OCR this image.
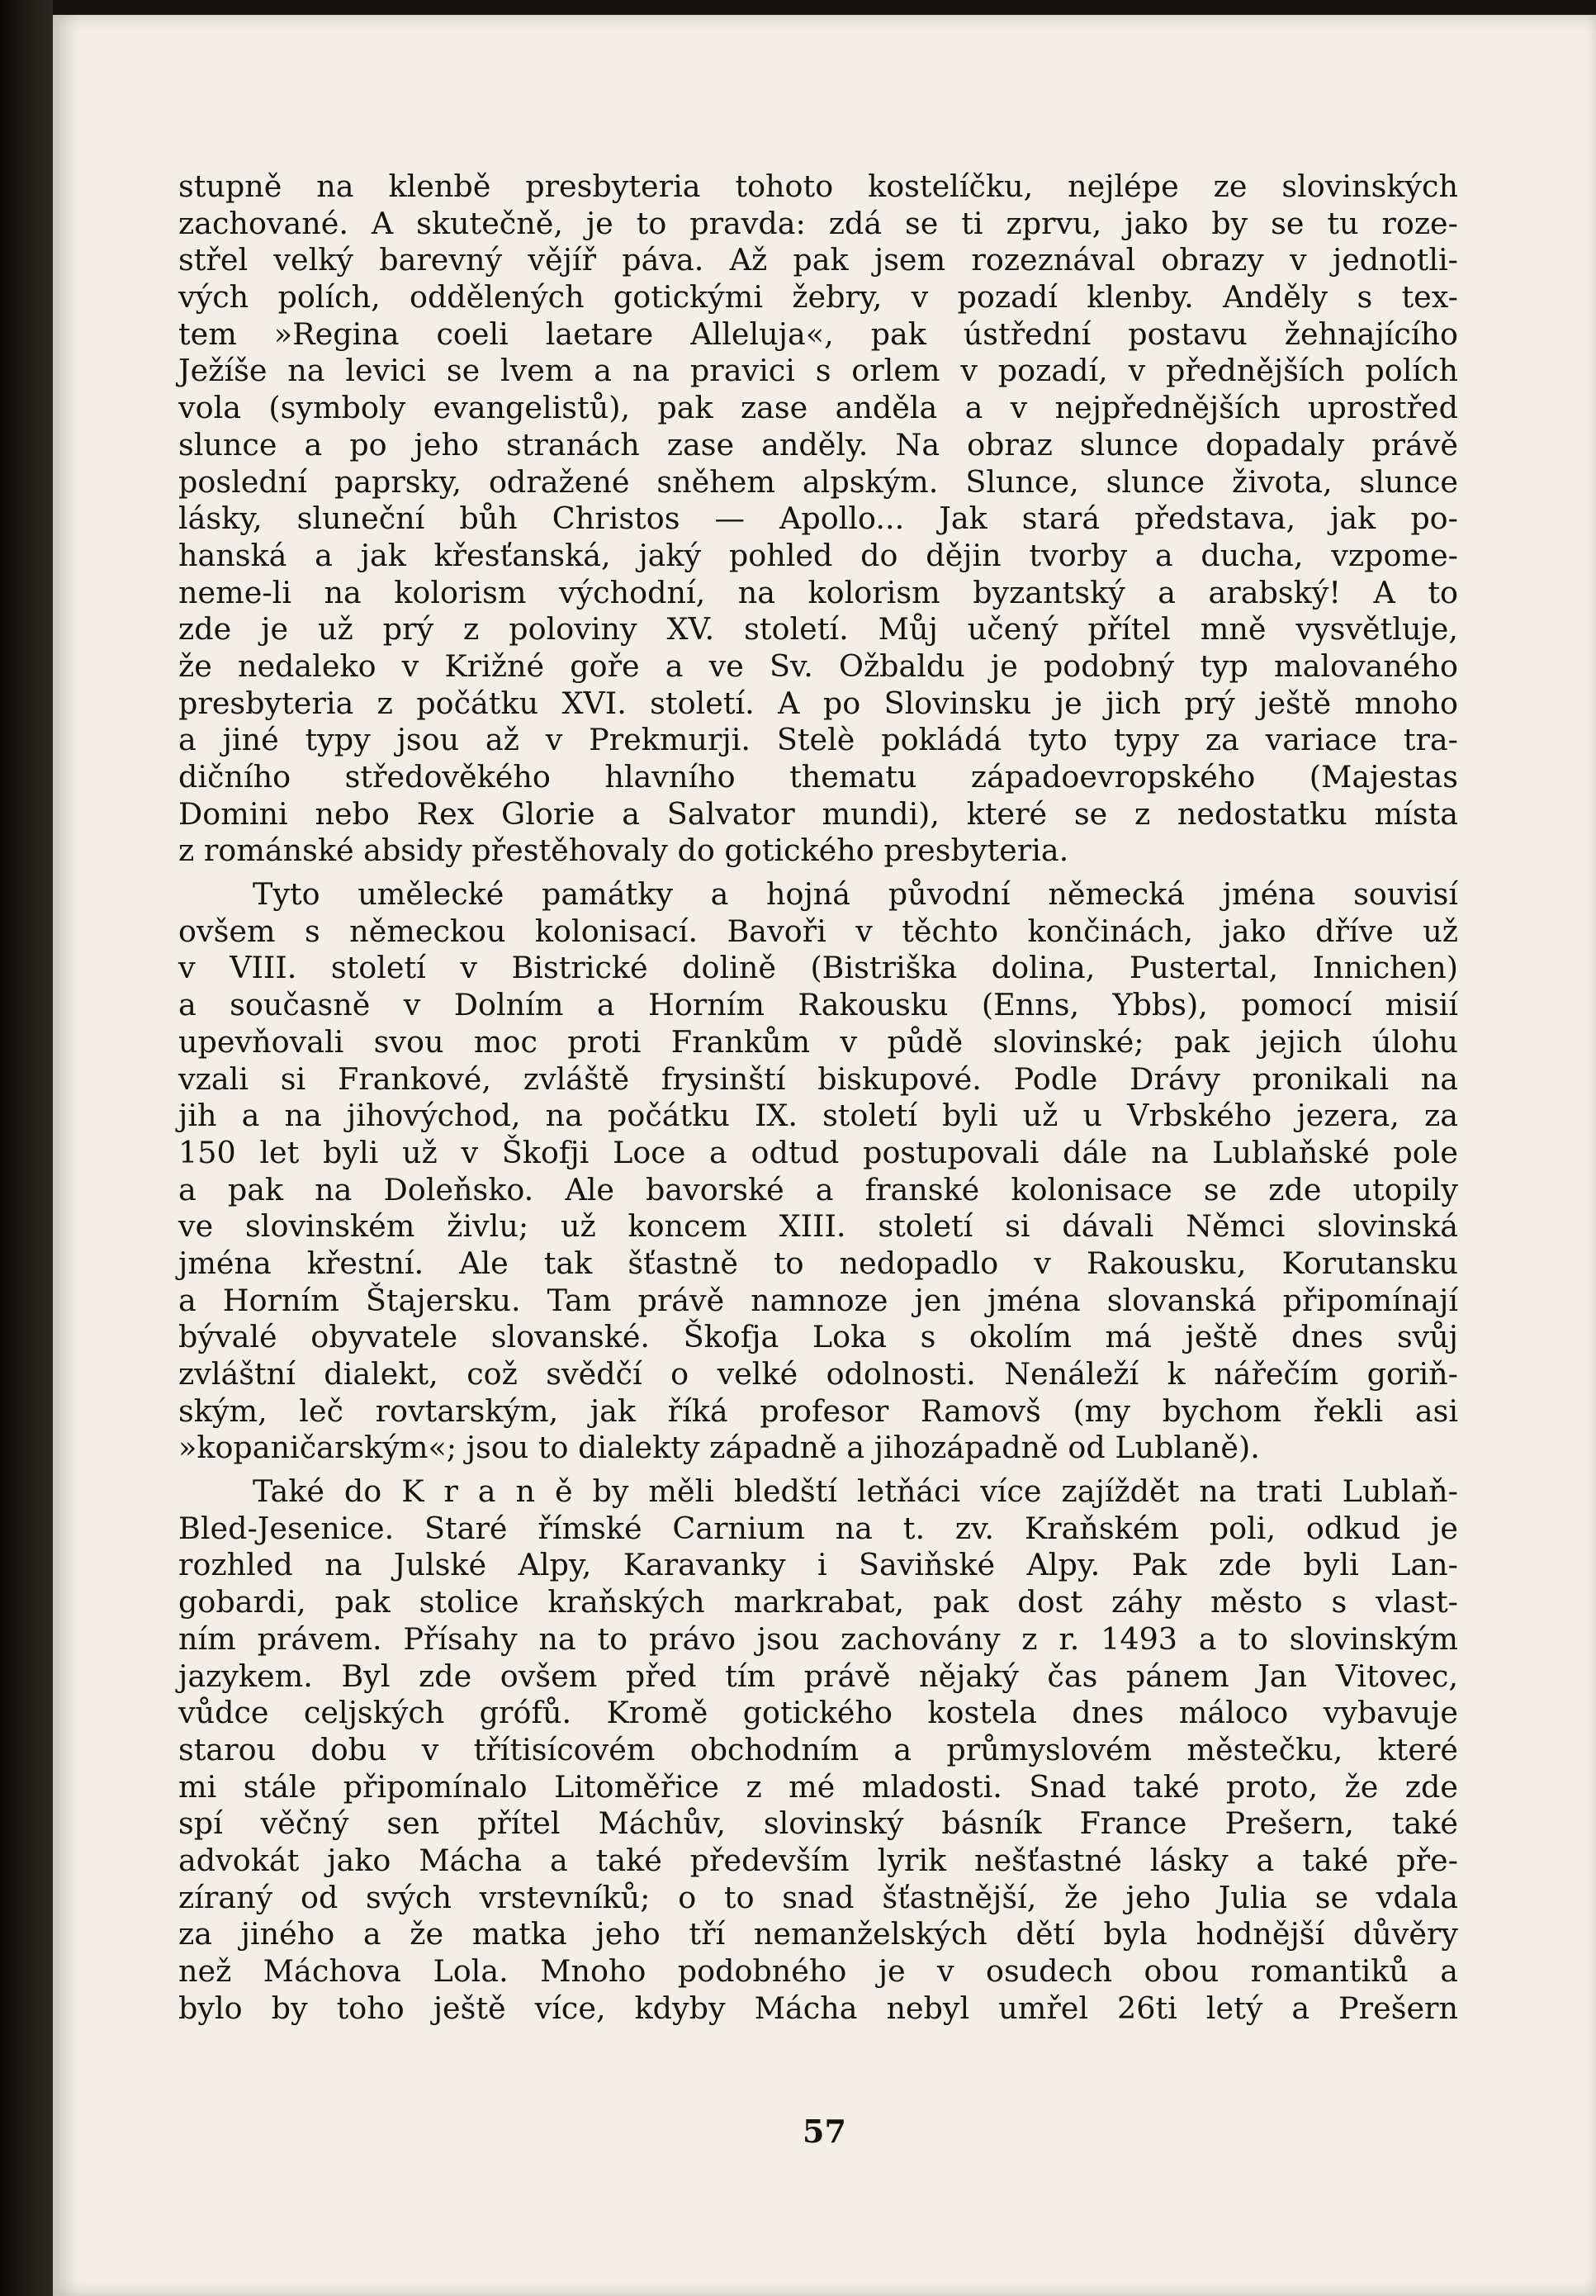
stupně na klenbě presbyteria tohoto kostelíčku, nejlépe ze slovinských
zachované. A skutečně, je to pravda: zdá se ti zprvu, jako by se tu roze-
střel velký barevný vějíř páva. Až pak jsem rozeznával obrazy v jednotli-
vých polích, oddělených gotickými žebry, v pozadí klenby. Anděly s tex-
tem »Regina coeli laetare Alleluja«, pak ústřední postavu žehnajícího
Ježíše na levici se lvem a na pravici s orlem v pozadí, v přednějších polích
vola (symboly evangelistů), pak zase anděla a v nejpřednějších uprostřed
slunce a po jeho stranách zase anděly. Na obraz slunce dopadaly právě
poslední paprsky, odražené sněhem alpským. Slunce, slunce života, slunce
lásky, sluneční bůh Christos — Apollo... Jak stará představa, jak po-
hanská a jak křesťanská, jaký pohled do dějin tvorby a ducha, vzpome-
neme-li na kolorism východní, na kolorism byzantský a arabský! A to
zde je už prý z poloviny XV. století. Můj učený přítel mně vysvětluje,
že nedaleko v Križné goře a ve Sv. Ožbaldu je podobný typ malovaného
presbyteria z počátku XVI. století. A po Slovinsku je jich prý ještě mnoho
a jiné typy jsou až v Prekmurji. Stelè pokládá tyto typy za variace tra-
dičního středověkého hlavního thematu západoevropského (Majestas
Domini nebo Rex Glorie a Salvator mundi), které se z nedostatku místa
z románské absidy přestěhovaly do gotického presbyteria.
Tyto umělecké památky a hojná původní německá jména souvisí
ovšem s německou kolonisací. Bavoři v těchto končinách, jako dříve už
v VIII. století v Bistrické dolině (Bistriška dolina, Pustertal, Innichen)
a současně v Dolním a Horním Rakousku (Enns, Ybbs), pomocí misií
upevňovali svou moc proti Frankům v půdě slovinské; pak jejich úlohu
vzali si Frankové, zvláště frysinští biskupové. Podle Drávy pronikali na
jih a na jihovýchod, na počátku IX. století byli už u Vrbského jezera, za
150 let byli už v Škofji Loce a odtud postupovali dále na Lublaňské pole
a pak na Doleňsko. Ale bavorské a franské kolonisace se zde utopily
ve slovinském živlu; už koncem XIII. století si dávali Němci slovinská
jména křestní. Ale tak šťastně to nedopadlo v Rakousku, Korutansku
a Horním Štajersku. Tam právě namnoze jen jména slovanská připomínají
bývalé obyvatele slovanské. Škofja Loka s okolím má ještě dnes svůj
zvláštní dialekt, což svědčí o velké odolnosti. Nenáleží k nářečím goriň-
ským, leč rovtarským, jak říká profesor Ramovš (my bychom řekli asi
»kopaničarským«; jsou to dialekty západně a jihozápadně od Lublaně).
Také do K r a n ě by měli bledští letňáci více zajíždět na trati Lublaň-
Bled-Jesenice. Staré římské Carnium na t. zv. Kraňském poli, odkud je
rozhled na Julské Alpy, Karavanky i Saviňské Alpy. Pak zde byli Lan-
gobardi, pak stolice kraňských markrabat, pak dost záhy město s vlast-
ním právem. Přísahy na to právo jsou zachovány z r. 1493 a to slovinským
jazykem. Byl zde ovšem před tím právě nějaký čas pánem Jan Vitovec,
vůdce celjských grófů. Kromě gotického kostela dnes máloco vybavuje
starou dobu v třítisícovém obchodním a průmyslovém městečku, které
mi stále připomínalo Litoměřice z mé mladosti. Snad také proto, že zde
spí věčný sen přítel Máchův, slovinský básník France Prešern, také
advokát jako Mácha a také především lyrik nešťastné lásky a také pře-
zíraný od svých vrstevníků; o to snad šťastnější, že jeho Julia se vdala
za jiného a že matka jeho tří nemanželských dětí byla hodnější důvěry
než Máchova Lola. Mnoho podobného je v osudech obou romantiků a
bylo by toho ještě více, kdyby Mácha nebyl umřel 26ti letý a Prešern
57
